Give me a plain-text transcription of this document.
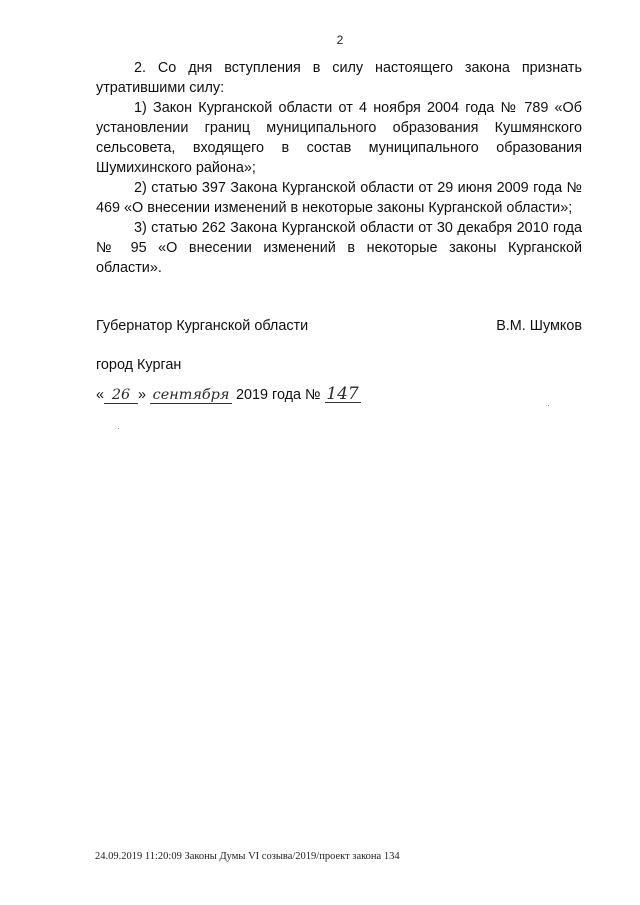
2

2. Со дня вступления в силу настоящего закона признать утратившими силу:

1) Закон Курганской области от 4 ноября 2004 года № 789 «Об установлении границ муниципального образования Кушмянского сельсовета, входящего в состав муниципального образования Шумихинского района»;

2) статью 397 Закона Курганской области от 29 июня 2009 года № 469 «О внесении изменений в некоторые законы Курганской области»;

3) статью 262 Закона Курганской области от 30 декабря 2010 года № 95 «О внесении изменений в некоторые законы Курганской области».

Губернатор Курганской области	В.М. Шумков
город Курган
« 26 » сентября 2019 года № 147
24.09.2019 11:20:09 Законы Думы VI созыва/2019/проект закона 134
